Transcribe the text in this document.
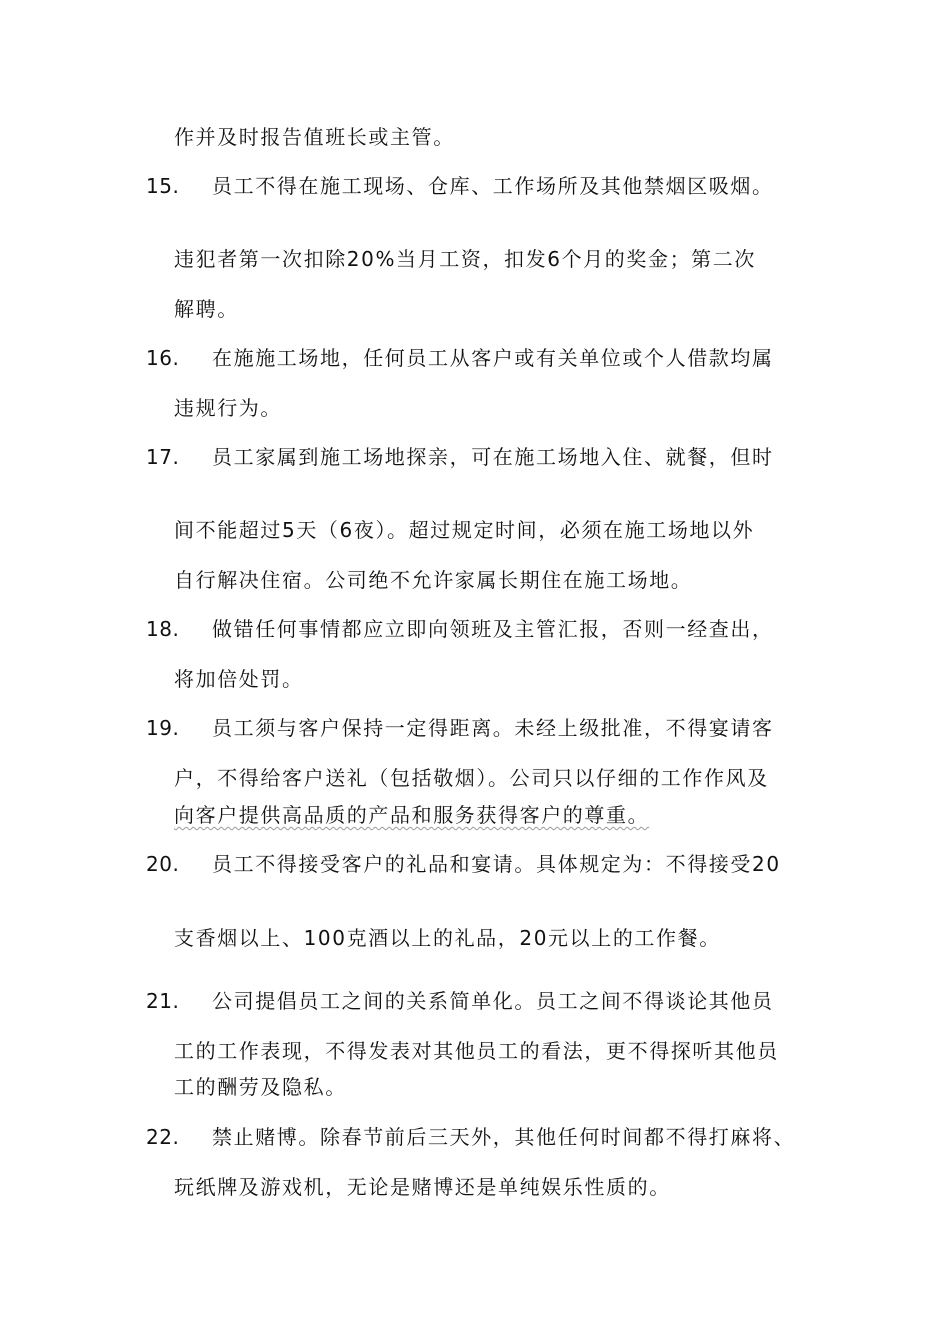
作并及时报告值班长或主管。
15. 员工不得在施工现场、仓库、工作场所及其他禁烟区吸烟。
违犯者第一次扣除20%当月工资，扣发6个月的奖金；第二次
解聘。
16. 在施施工场地，任何员工从客户或有关单位或个人借款均属
违规行为。
17. 员工家属到施工场地探亲，可在施工场地入住、就餐，但时
间不能超过5天（6夜）。超过规定时间，必须在施工场地以外
自行解决住宿。公司绝不允许家属长期住在施工场地。
18. 做错任何事情都应立即向领班及主管汇报，否则一经查出，
将加倍处罚。
19. 员工须与客户保持一定得距离。未经上级批准，不得宴请客
户，不得给客户送礼（包括敬烟）。公司只以仔细的工作作风及
向客户提供高品质的产品和服务获得客户的尊重。
20. 员工不得接受客户的礼品和宴请。具体规定为：不得接受20
支香烟以上、100克酒以上的礼品，20元以上的工作餐。
21. 公司提倡员工之间的关系简单化。员工之间不得谈论其他员
工的工作表现，不得发表对其他员工的看法，更不得探听其他员
工的酬劳及隐私。
22. 禁止赌博。除春节前后三天外，其他任何时间都不得打麻将、
玩纸牌及游戏机，无论是赌博还是单纯娱乐性质的。
